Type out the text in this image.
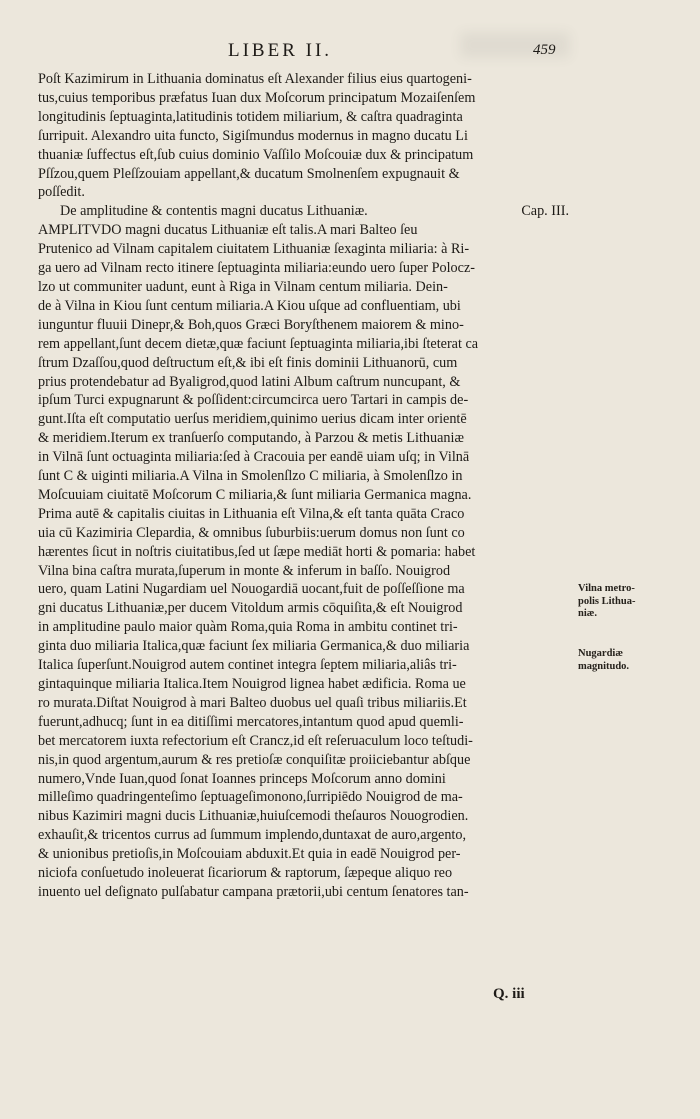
LIBER II.	459
Poſt Kazimirum in Lithuania dominatus eſt Alexander filius eius quartogeni-
tus,cuius temporibus præfatus Iuan dux Moſcorum principatum Mozaiſenſem
longitudinis ſeptuaginta,latitudinis totidem miliarium, & caſtra quadraginta
ſurripuit. Alexandro uita functo, Sigiſmundus modernus in magno ducatu Li
thuaniæ ſuffectus eſt,ſub cuius dominio Vaſſilo Moſcouiæ dux & principatum
Pſſzou,quem Pleſſzouiam appellant,& ducatum Smolnenſem expugnauit &
poſſedit.
De amplitudine & contentis magni ducatus Lithuaniæ.	Cap. III.
AMPLITVDO magni ducatus Lithuaniæ eſt talis.A mari Balteo ſeu
Prutenico ad Vilnam capitalem ciuitatem Lithuaniæ ſexaginta miliaria: à Ri-
ga uero ad Vilnam recto itinere ſeptuaginta miliaria:eundo uero ſuper Polocz-
lzo ut communiter uadunt, eunt à Riga in Vilnam centum miliaria. Dein-
de à Vilna in Kiou ſunt centum miliaria.A Kiou uſque ad confluentiam, ubi
iunguntur fluuii Dinepr,& Boh,quos Græci Boryſthenem maiorem & mino-
rem appellant,ſunt decem dietæ,quæ faciunt ſeptuaginta miliaria,ibi ſteterat ca
ſtrum Dzaſſou,quod deſtructum eſt,& ibi eſt finis dominii Lithuanorū, cum
prius protendebatur ad Byaligrod,quod latini Album caſtrum nuncupant, &
ipſum Turci expugnarunt & poſſident:circumcirca uero Tartari in campis de-
gunt.Iſta eſt computatio uerſus meridiem,quinimo uerius dicam inter orientē
& meridiem.Iterum ex tranſuerſo computando, à Parzou & metis Lithuaniæ
in Vilnā ſunt octuaginta miliaria:ſed à Cracouia per eandē uiam uſq; in Vilnā
ſunt C & uiginti miliaria.A Vilna in Smolenſlzo C miliaria, à Smolenſlzo in
Moſcuuiam ciuitatē Moſcorum C miliaria,& ſunt miliaria Germanica magna.
Prima autē & capitalis ciuitas in Lithuania eſt Vilna,& eſt tanta quāta Craco
uia cū Kazimiria Clepardia, & omnibus ſuburbiis:uerum domus non ſunt co
hærentes ſicut in noſtris ciuitatibus,ſed ut ſæpe mediāt horti & pomaria: habet
Vilna bina caſtra murata,ſuperum in monte & inferum in baſſo. Nouigrod
uero, quam Latini Nugardiam uel Nouogardiā uocant,fuit de poſſeſſione ma
gni ducatus Lithuaniæ,per ducem Vitoldum armis cōquiſita,& eſt Nouigrod
in amplitudine paulo maior quàm Roma,quia Roma in ambitu continet tri-
ginta duo miliaria Italica,quæ faciunt ſex miliaria Germanica,& duo miliaria
Italica ſuperſunt.Nouigrod autem continet integra ſeptem miliaria,aliâs tri-
gintaquinque miliaria Italica.Item Nouigrod lignea habet ædificia. Roma ue
ro murata.Diſtat Nouigrod à mari Balteo duobus uel quaſi tribus miliariis.Et
fuerunt,adhucq; ſunt in ea ditiſſimi mercatores,intantum quod apud quemli-
bet mercatorem iuxta refectorium eſt Crancz,id eſt reſeruaculum loco teſtudi-
nis,in quod argentum,aurum & res pretioſæ conquiſitæ proiiciebantur abſque
numero,Vnde Iuan,quod ſonat Ioannes princeps Moſcorum anno domini
milleſimo quadringenteſimo ſeptuageſimonono,ſurripiēdo Nouigrod de ma-
nibus Kazimiri magni ducis Lithuaniæ,huiuſcemodi theſauros Nouogrodien.
exhauſit,& tricentos currus ad ſummum implendo,duntaxat de auro,argento,
& unionibus pretioſis,in Moſcouiam abduxit.Et quia in eadē Nouigrod per-
niciofa conſuetudo inoleuerat ſicariorum & raptorum, ſæpeque aliquo reo
inuento uel deſignato pulſabatur campana prætorii,ubi centum ſenatores tan-
Vilna metro-
polis Lithua-
niæ.
Nugardiæ
magnitudo.
Q. iii
